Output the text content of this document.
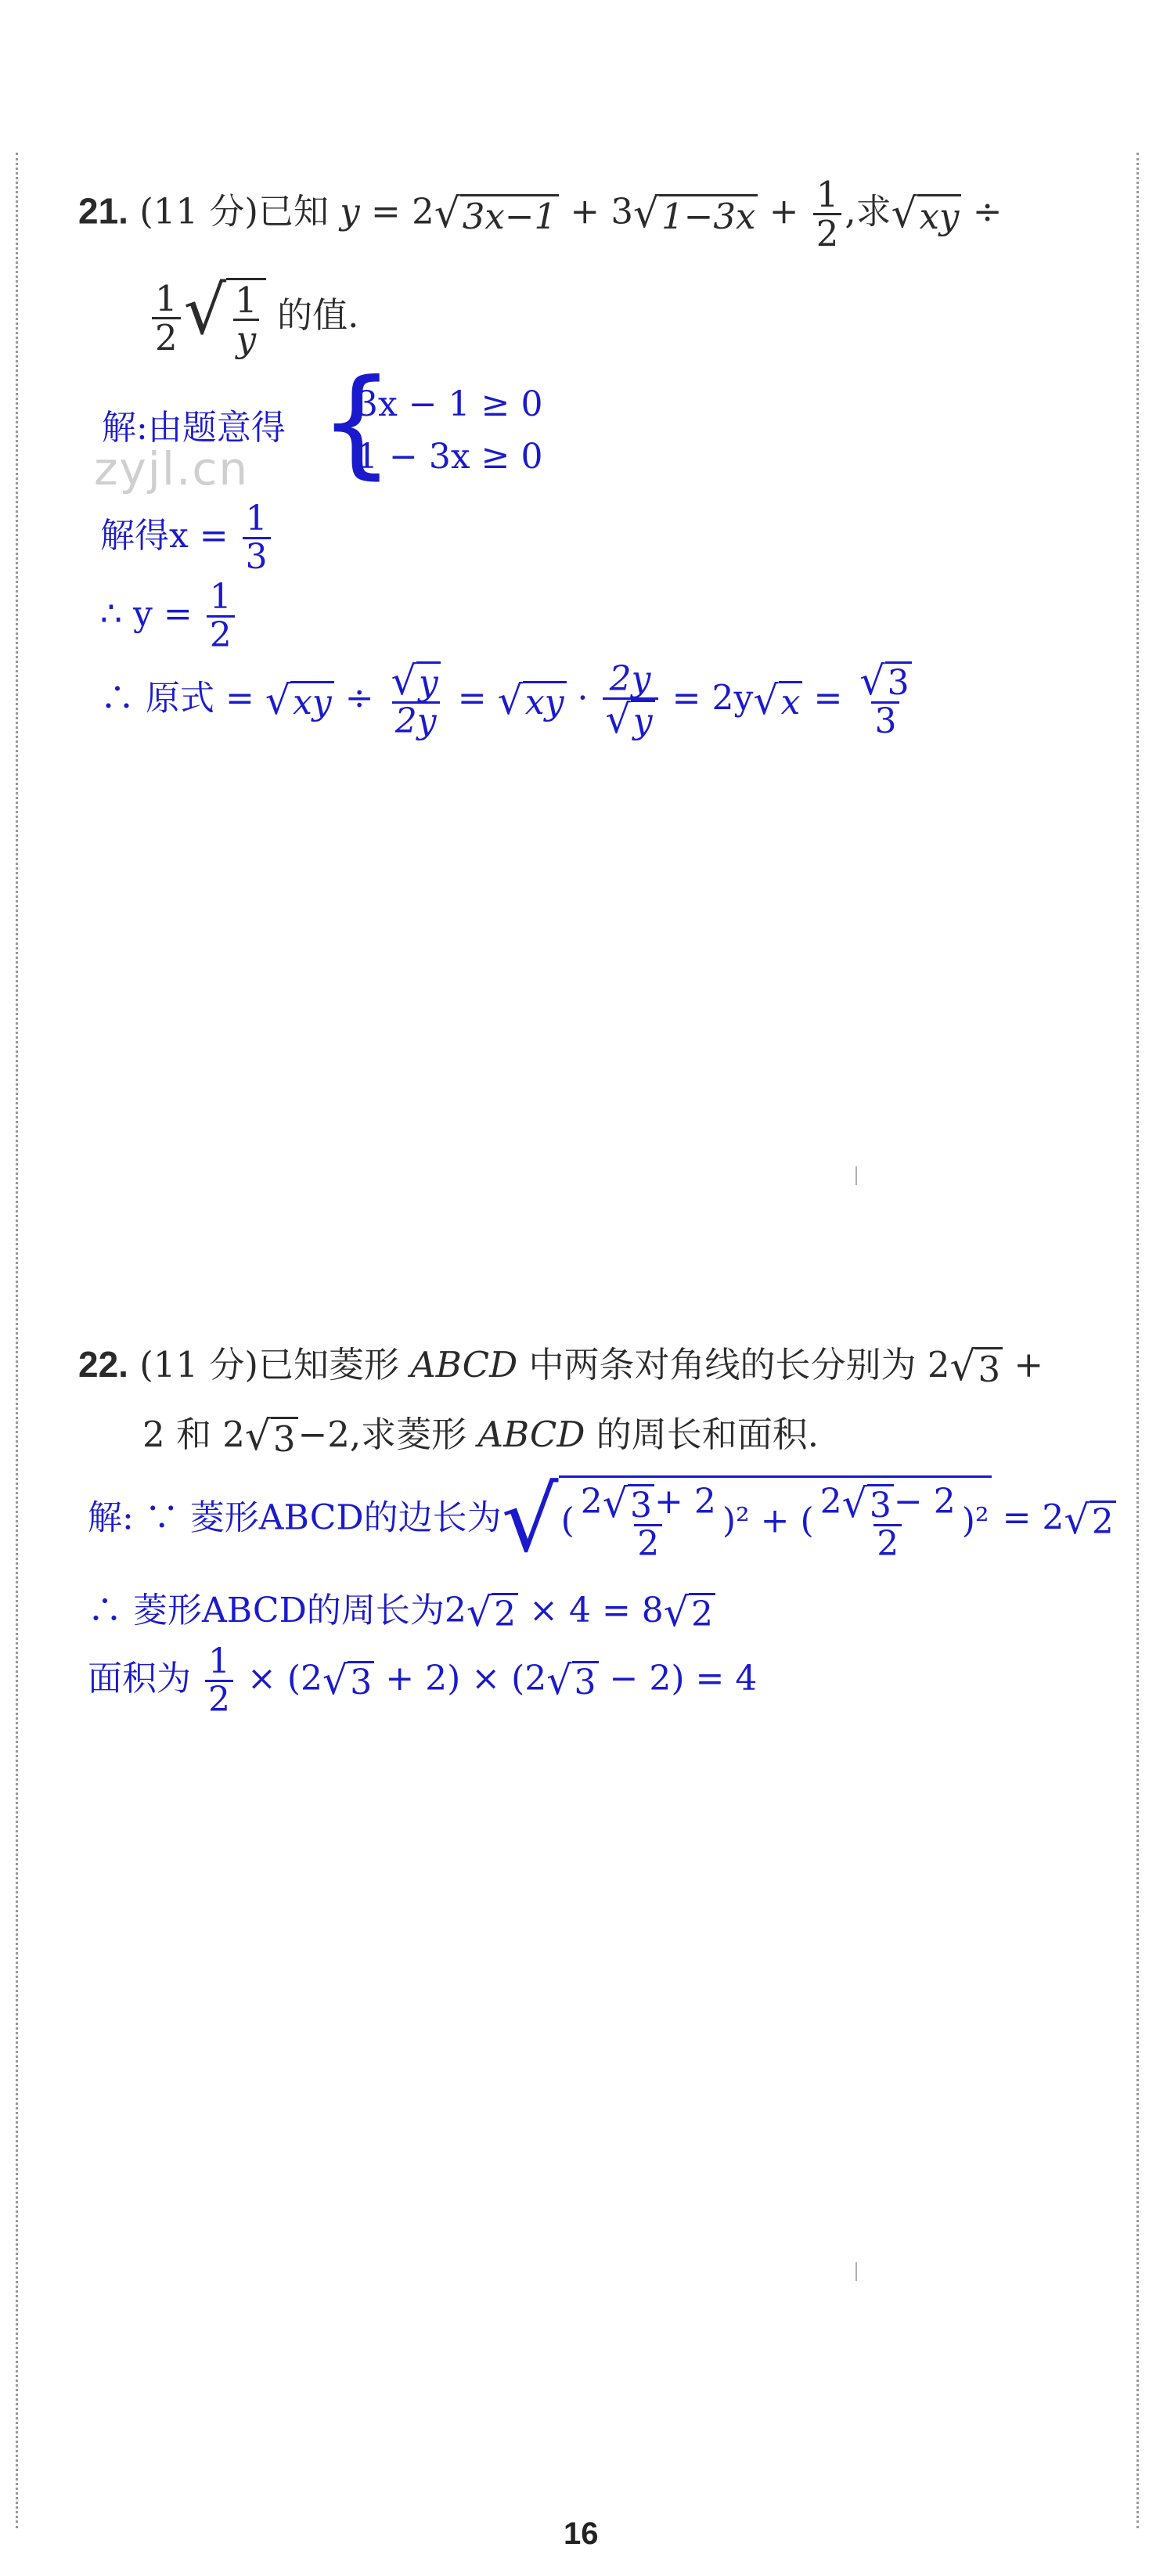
21. (11 分)已知 y = 2 √ 3x−1 + 3 √ $1-3x + \frac{1}{2}$ ,求 √ xy ÷
$\frac{1}{2}$ √ $\frac{1}{y}$ 的值.
解:由题意得 {
3x − 1 ≥ 0
1 − 3x ≥ 0
zyjl.cn
解得$x = \frac{1}{3}$
∴ $y = \frac{1}{2}$
∴ 原式 = √ xy ÷ $\frac{√ y}{2y}$ = √ xy · $\frac{2y}{√ y} = 2y$ √ $x = \frac{√ 3}{3}$
22. (11 分)已知菱形 ABCD 中两条对角线的长分别为 2 √ 3 +
2 和 2 √ 3 −2,求菱形 ABCD 的周长和面积.
解: ∵ 菱形ABCD的边长为 √ ( $\frac{2 √ 3 + 2}{2} )^2$ + ( $\frac{2 √ 3 - 2}{2} )^2 = 2$ √ 2
∴ 菱形ABCD的周长为2 √ 2 × 4 = 8 √ 2
面积为 $\frac{1}{2} \times (2$ √ 3 + 2) × (2 √ 3 − 2) = 4
16
